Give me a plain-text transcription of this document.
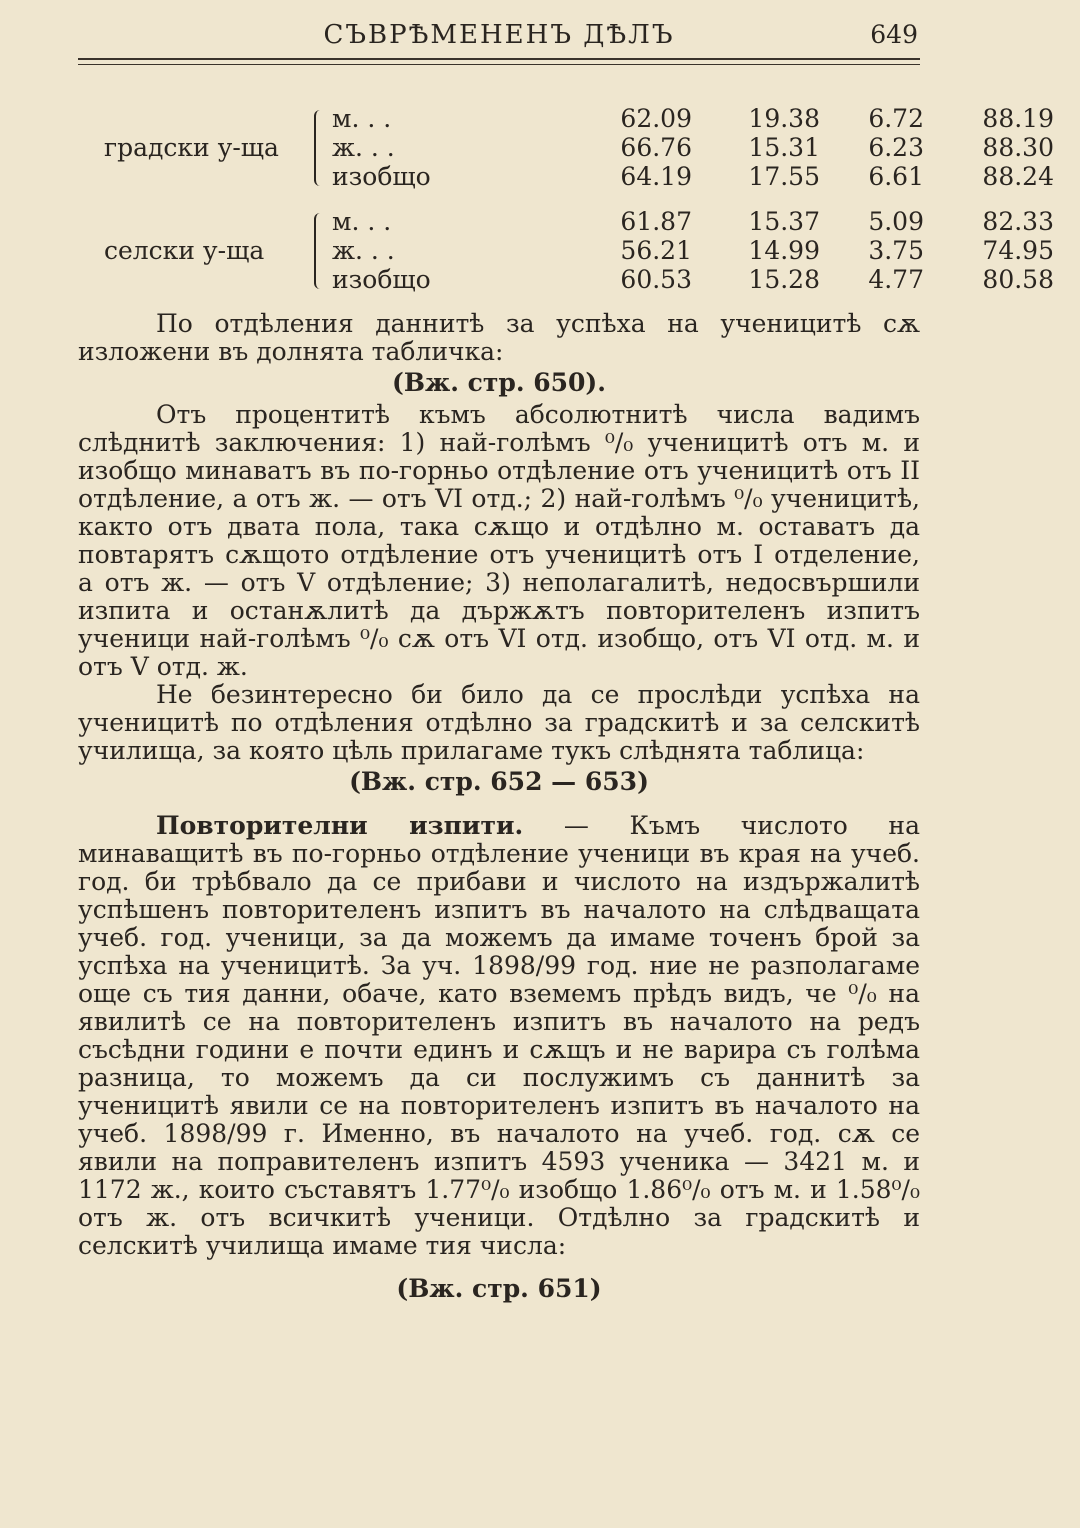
СЪВРѢМЕНЕНЪ ДѢЛЪ	649
градски у-ща
м. . .	62.09	19.38	6.72	88.19
ж. . .	66.76	15.31	6.23	88.30
изобщо	64.19	17.55	6.61	88.24
селски у-ща
м. . .	61.87	15.37	5.09	82.33
ж. . .	56.21	14.99	3.75	74.95
изобщо	60.53	15.28	4.77	80.58

По отдѣления даннитѣ за успѣха на ученицитѣ сѫ изложени въ долнята табличка:

(Вж. стр. 650).

Отъ процентитѣ къмъ абсолютнитѣ числа вадимъ слѣднитѣ заключения: 1) най-голѣмъ ⁰/₀ ученицитѣ отъ м. и изобщо минаватъ въ по-горньо отдѣление отъ ученицитѣ отъ II отдѣление, а отъ ж. — отъ VI отд.; 2) най-голѣмъ ⁰/₀ ученицитѣ, както отъ двата пола, така сѫщо и отдѣлно м. оставатъ да повтарятъ сѫщото отдѣление отъ ученицитѣ отъ I отделение, а отъ ж. — отъ V отдѣление; 3) неполагалитѣ, недосвършили изпита и останѫлитѣ да държѫтъ повторителенъ изпитъ ученици най-голѣмъ ⁰/₀ сѫ отъ VI отд. изобщо, отъ VI отд. м. и отъ V отд. ж.

Не безинтересно би било да се прослѣди успѣха на ученицитѣ по отдѣления отдѣлно за градскитѣ и за селскитѣ училища, за която цѣль прилагаме тукъ слѣднята таблица:

(Вж. стр. 652 — 653)

Повторителни изпити. — Къмъ числото на минаващитѣ въ по-горньо отдѣление ученици въ края на учеб. год. би трѣбвало да се прибави и числото на издържалитѣ успѣшенъ повторителенъ изпитъ въ началото на слѣдващата учеб. год. ученици, за да можемъ да имаме точенъ брой за успѣха на ученицитѣ. За уч. 1898/99 год. ние не разполагаме още съ тия данни, обаче, като вземемъ прѣдъ видъ, че ⁰/₀ на явилитѣ се на повторителенъ изпитъ въ началото на редъ съсѣдни години е почти единъ и сѫщъ и не варира съ голѣма разница, то можемъ да си послужимъ съ даннитѣ за ученицитѣ явили се на повторителенъ изпитъ въ началото на учеб. 1898/99 г. Именно, въ началото на учеб. год. сѫ се явили на поправителенъ изпитъ 4593 ученика — 3421 м. и 1172 ж., които съставятъ 1.77⁰/₀ изобщо 1.86⁰/₀ отъ м. и 1.58⁰/₀ отъ ж. отъ всичкитѣ ученици. Отдѣлно за градскитѣ и селскитѣ училища имаме тия числа:

(Вж. стр. 651)
